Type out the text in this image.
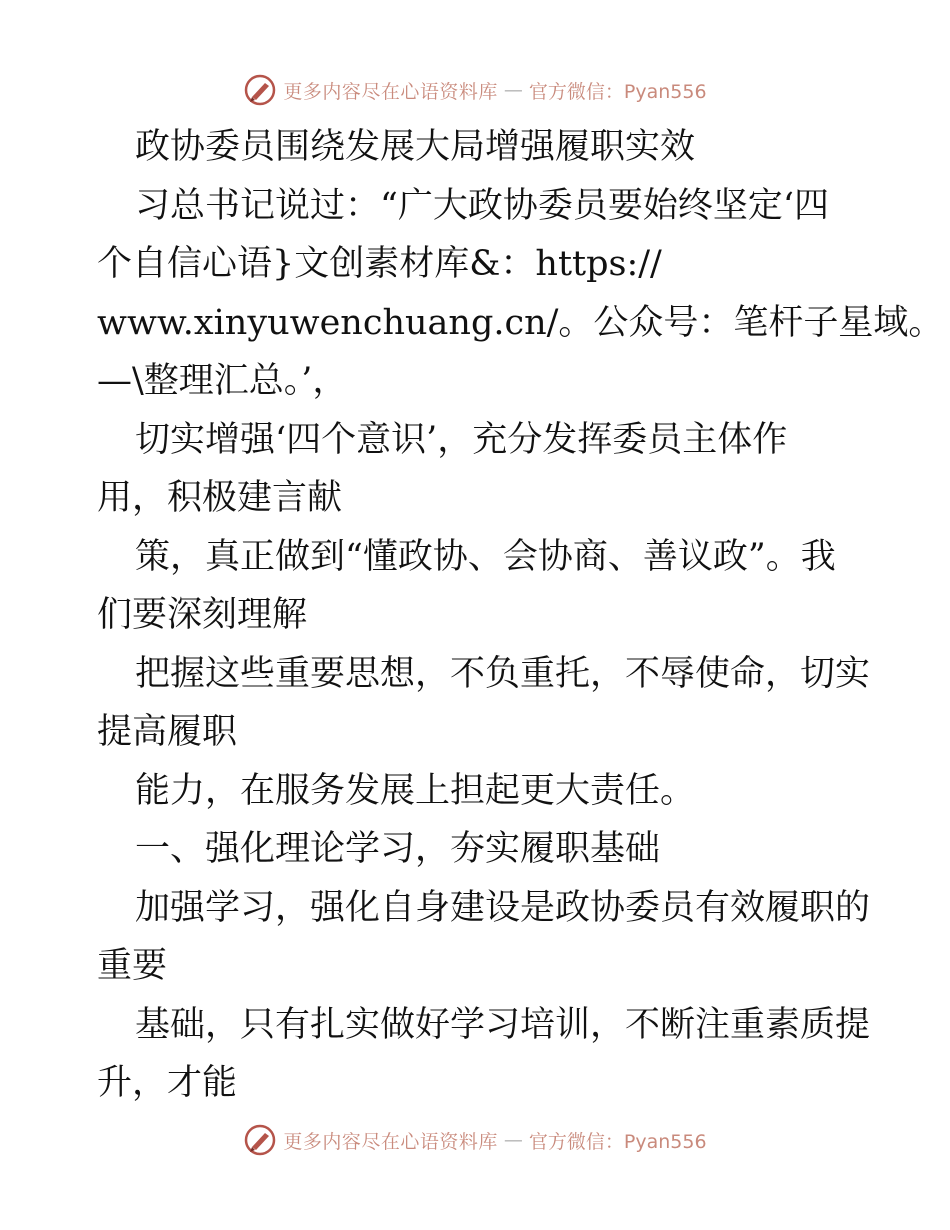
更多内容尽在心语资料库 — 官方微信：Pyan556
政协委员围绕发展大局增强履职实效
习总书记说过：“广大政协委员要始终坚定‘四
个自信心语}文创素材库&：https://
www.xinyuwenchuang.cn/。公众号：笔杆子星域。
—\整理汇总。’，
切实增强‘四个意识’，充分发挥委员主体作
用，积极建言献
策，真正做到“懂政协、会协商、善议政”。我
们要深刻理解
把握这些重要思想，不负重托，不辱使命，切实
提高履职
能力，在服务发展上担起更大责任。
一、强化理论学习，夯实履职基础
加强学习，强化自身建设是政协委员有效履职的
重要
基础，只有扎实做好学习培训，不断注重素质提
升，才能
更多内容尽在心语资料库 — 官方微信：Pyan556
